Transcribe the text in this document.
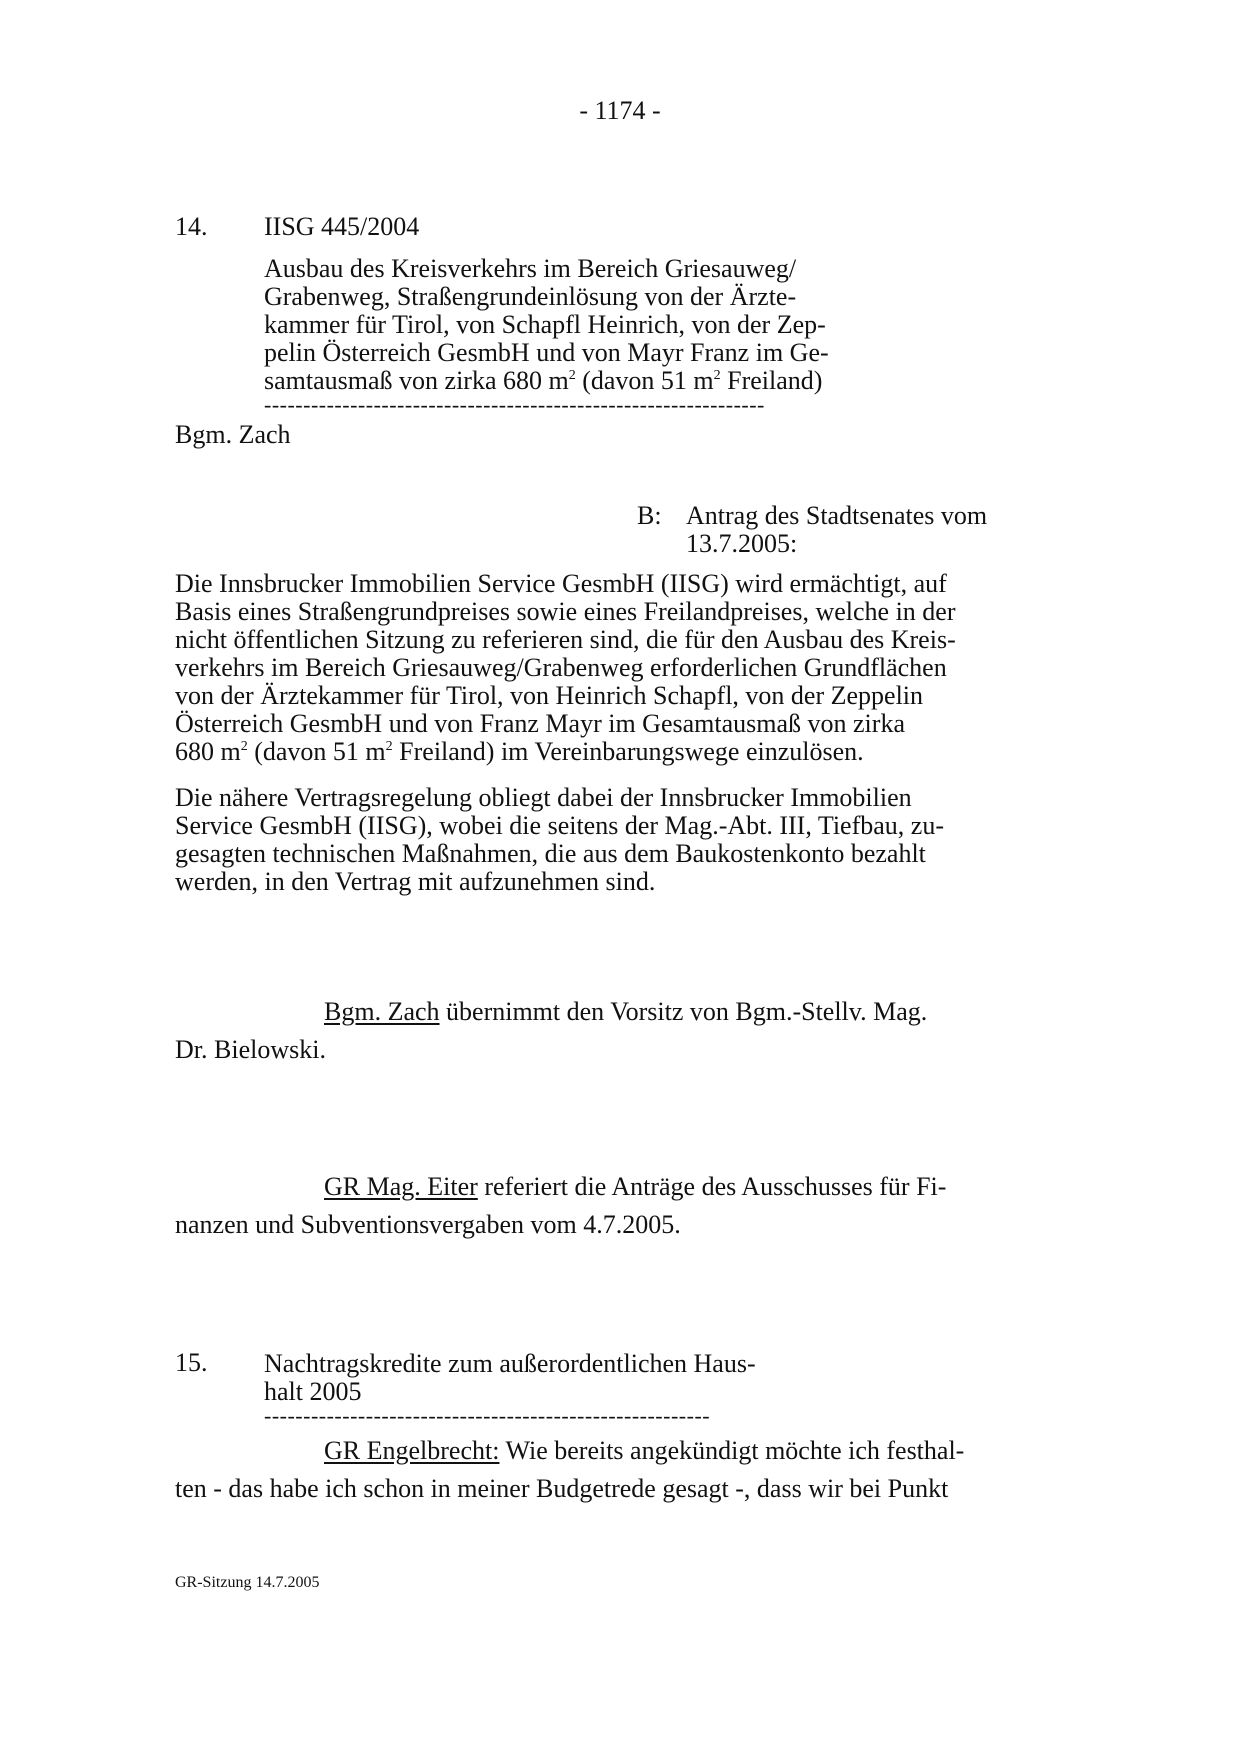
- 1174 -
14. IISG 445/2004
Ausbau des Kreisverkehrs im Bereich Griesauweg/
Grabenweg, Straßengrundeinlösung von der Ärzte-
kammer für Tirol, von Schapfl Heinrich, von der Zep-
pelin Österreich GesmbH und von Mayr Franz im Ge-
samtausmaß von zirka 680 $m^2$ (davon 51 $m^2$ Freiland)
----------------------------------------------------------------
Bgm. Zach
B: Antrag des Stadtsenates vom
13.7.2005:
Die Innsbrucker Immobilien Service GesmbH (IISG) wird ermächtigt, auf
Basis eines Straßengrundpreises sowie eines Freilandpreises, welche in der
nicht öffentlichen Sitzung zu referieren sind, die für den Ausbau des Kreis-
verkehrs im Bereich Griesauweg/Grabenweg erforderlichen Grundflächen
von der Ärztekammer für Tirol, von Heinrich Schapfl, von der Zeppelin
Österreich GesmbH und von Franz Mayr im Gesamtausmaß von zirka
680 $m^2$ (davon 51 $m^2$ Freiland) im Vereinbarungswege einzulösen.
Die nähere Vertragsregelung obliegt dabei der Innsbrucker Immobilien
Service GesmbH (IISG), wobei die seitens der Mag.-Abt. III, Tiefbau, zu-
gesagten technischen Maßnahmen, die aus dem Baukostenkonto bezahlt
werden, in den Vertrag mit aufzunehmen sind.
Bgm. Zach übernimmt den Vorsitz von Bgm.-Stellv. Mag.
Dr. Bielowski.
GR Mag. Eiter referiert die Anträge des Ausschusses für Fi-
nanzen und Subventionsvergaben vom 4.7.2005.
15. Nachtragskredite zum außerordentlichen Haus-
halt 2005
---------------------------------------------------------
GR Engelbrecht: Wie bereits angekündigt möchte ich festhal-
ten - das habe ich schon in meiner Budgetrede gesagt -, dass wir bei Punkt
GR-Sitzung 14.7.2005
